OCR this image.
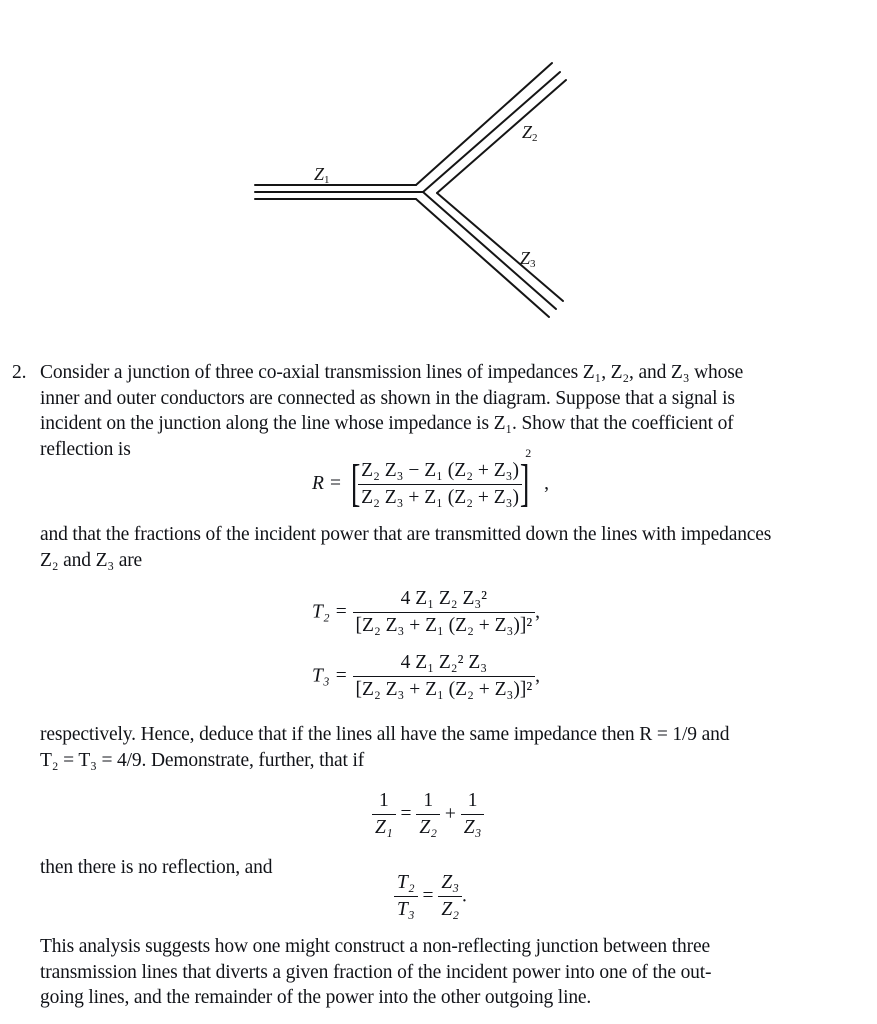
Z1
Z2
Z3
2. Consider a junction of three co-axial transmission lines of impedances Z₁, Z₂, and Z₃ whose
inner and outer conductors are connected as shown in the diagram. Suppose that a signal is
incident on the junction along the line whose impedance is Z₁. Show that the coefficient of
reflection is
R = [
$\frac{\text{Z₂ Z₃ − Z₁ (Z₂ + Z₃)}}{\text{Z₂ Z₃ + Z₁ (Z₂ + Z₃)}}$
]$^2$ ,
and that the fractions of the incident power that are transmitted down the lines with impedances
Z₂ and Z₃ are
$T_2 = \frac{\text{4 Z₁ Z₂ Z₃²}}{\text{[Z₂ Z₃ + Z₁ (Z₂ + Z₃)]²}}$ ,
$T_3 = \frac{\text{4 Z₁ Z₂² Z₃}}{\text{[Z₂ Z₃ + Z₁ (Z₂ + Z₃)]²}}$ ,
respectively. Hence, deduce that if the lines all have the same impedance then R = 1/9 and
T₂ = T₃ = 4/9. Demonstrate, further, that if
$\frac{1}{\text{Z₁}} = \frac{1}{\text{Z₂}} + \frac{1}{\text{Z₃}}$
then there is no reflection, and
$\frac{\text{T₂}}{\text{T₃}} = \frac{\text{Z₃}}{\text{Z₂}}$ .
This analysis suggests how one might construct a non-reflecting junction between three
transmission lines that diverts a given fraction of the incident power into one of the out-
going lines, and the remainder of the power into the other outgoing line.
